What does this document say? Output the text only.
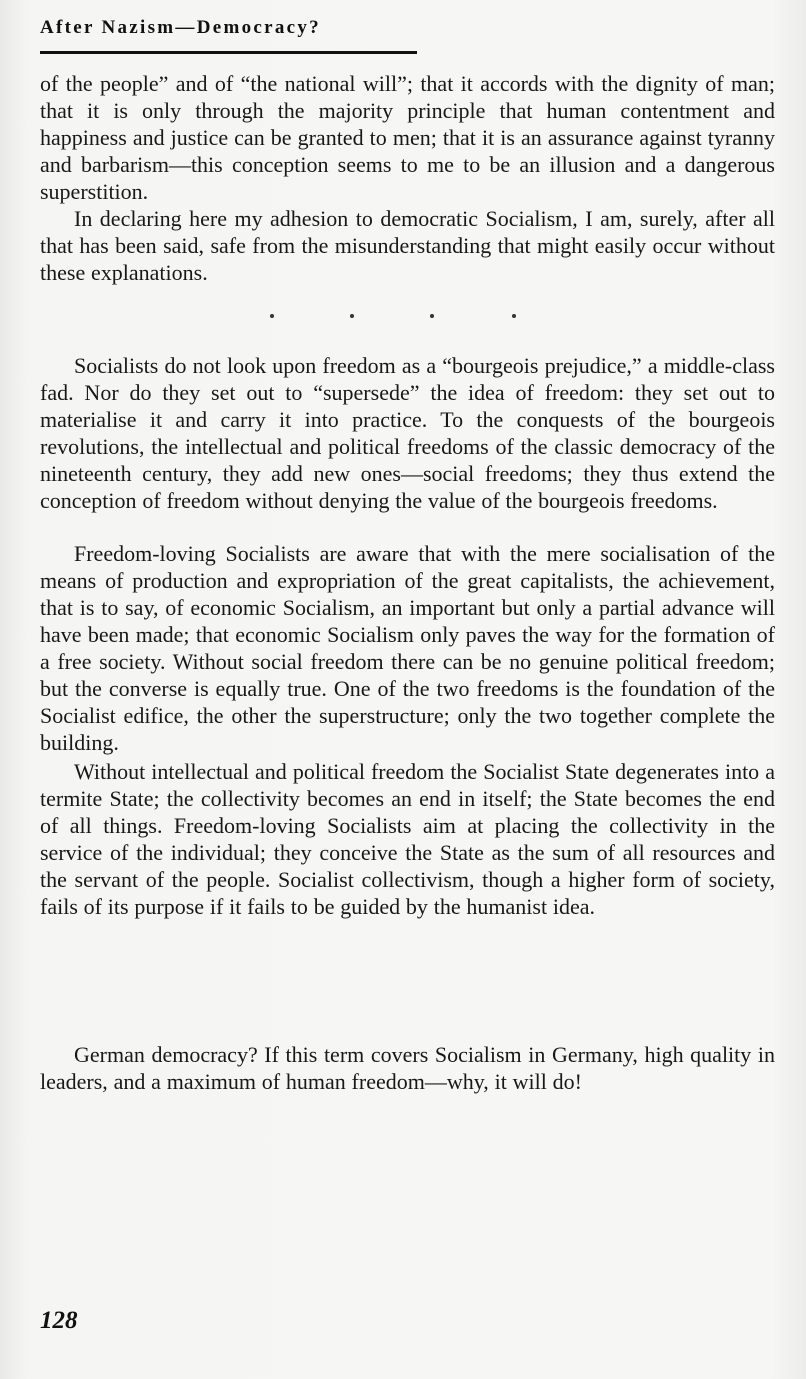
After Nazism—Democracy?

of the people” and of “the national will”; that it accords with the dignity of man; that it is only through the majority principle that human contentment and happiness and justice can be granted to men; that it is an assurance against tyranny and barbarism—this conception seems to me to be an illusion and a dangerous superstition.

In declaring here my adhesion to democratic Socialism, I am, surely, after all that has been said, safe from the misunderstanding that might easily occur without these explanations.

Socialists do not look upon freedom as a “bourgeois prejudice,” a middle-class fad. Nor do they set out to “supersede” the idea of freedom: they set out to materialise it and carry it into practice. To the conquests of the bourgeois revolutions, the intellectual and political freedoms of the classic democracy of the nineteenth century, they add new ones—social freedoms; they thus extend the conception of freedom without denying the value of the bourgeois freedoms.

Freedom-loving Socialists are aware that with the mere socialisation of the means of production and expropriation of the great capitalists, the achievement, that is to say, of economic Socialism, an important but only a partial advance will have been made; that economic Socialism only paves the way for the formation of a free society. Without social freedom there can be no genuine political freedom; but the converse is equally true. One of the two freedoms is the foundation of the Socialist edifice, the other the superstructure; only the two together complete the building.

Without intellectual and political freedom the Socialist State degenerates into a termite State; the collectivity becomes an end in itself; the State becomes the end of all things. Freedom-loving Socialists aim at placing the collectivity in the service of the individual; they conceive the State as the sum of all resources and the servant of the people. Socialist collectivism, though a higher form of society, fails of its purpose if it fails to be guided by the humanist idea.

German democracy? If this term covers Socialism in Germany, high quality in leaders, and a maximum of human freedom—why, it will do!

128
